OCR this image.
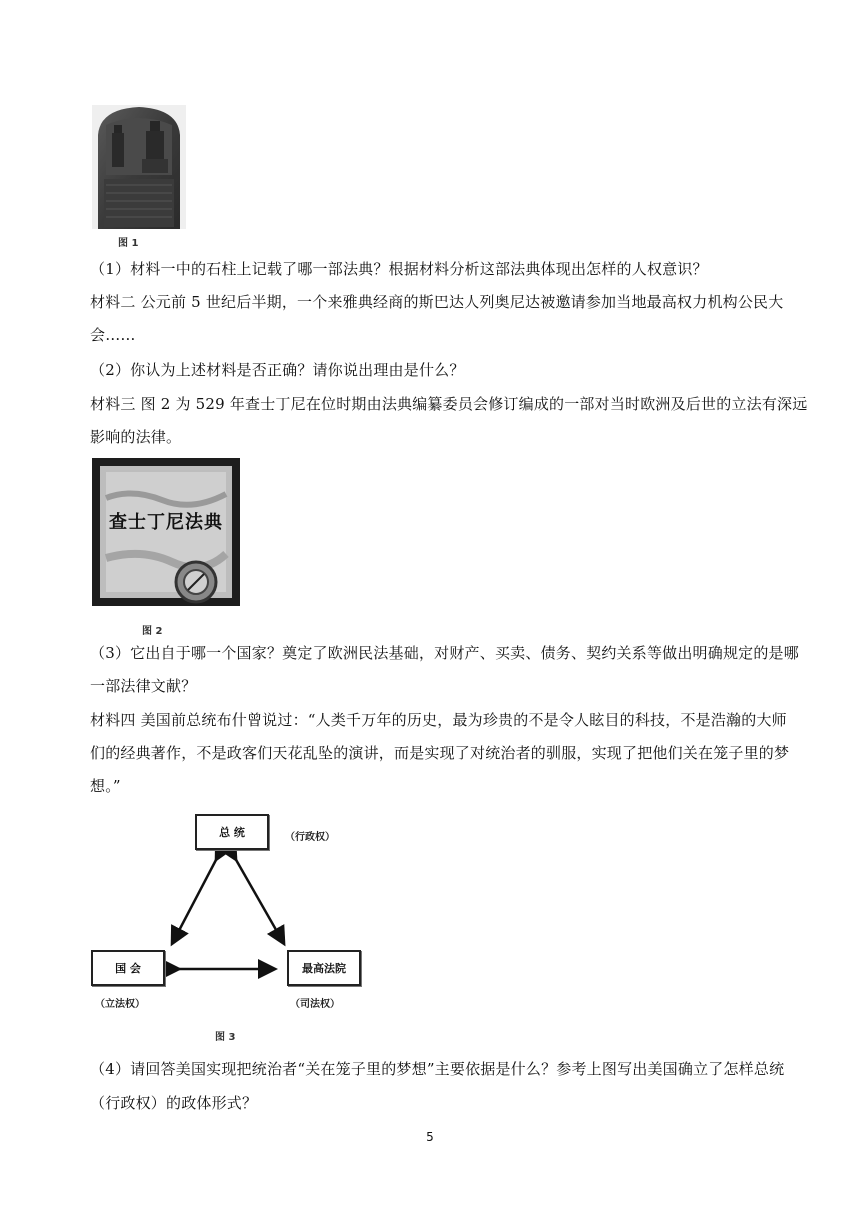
图 1
（1）材料一中的石柱上记载了哪一部法典？根据材料分析这部法典体现出怎样的人权意识？
材料二 公元前 5 世纪后半期，一个来雅典经商的斯巴达人列奥尼达被邀请参加当地最高权力机构公民大
会……
（2）你认为上述材料是否正确？请你说出理由是什么？
材料三 图 2 为 529 年查士丁尼在位时期由法典编纂委员会修订编成的一部对当时欧洲及后世的立法有深远
影响的法律。
查士丁尼法典
图 2
（3）它出自于哪一个国家？奠定了欧洲民法基础，对财产、买卖、债务、契约关系等做出明确规定的是哪
一部法律文献？
材料四 美国前总统布什曾说过：“人类千万年的历史，最为珍贵的不是令人眩目的科技，不是浩瀚的大师
们的经典著作，不是政客们天花乱坠的演讲，而是实现了对统治者的驯服，实现了把他们关在笼子里的梦
想。”
总 统	（行政权）
国 会
（立法权）
最高法院
（司法权）
图 3
（4）请回答美国实现把统治者“关在笼子里的梦想”主要依据是什么？参考上图写出美国确立了怎样总统
（行政权）的政体形式？
5
